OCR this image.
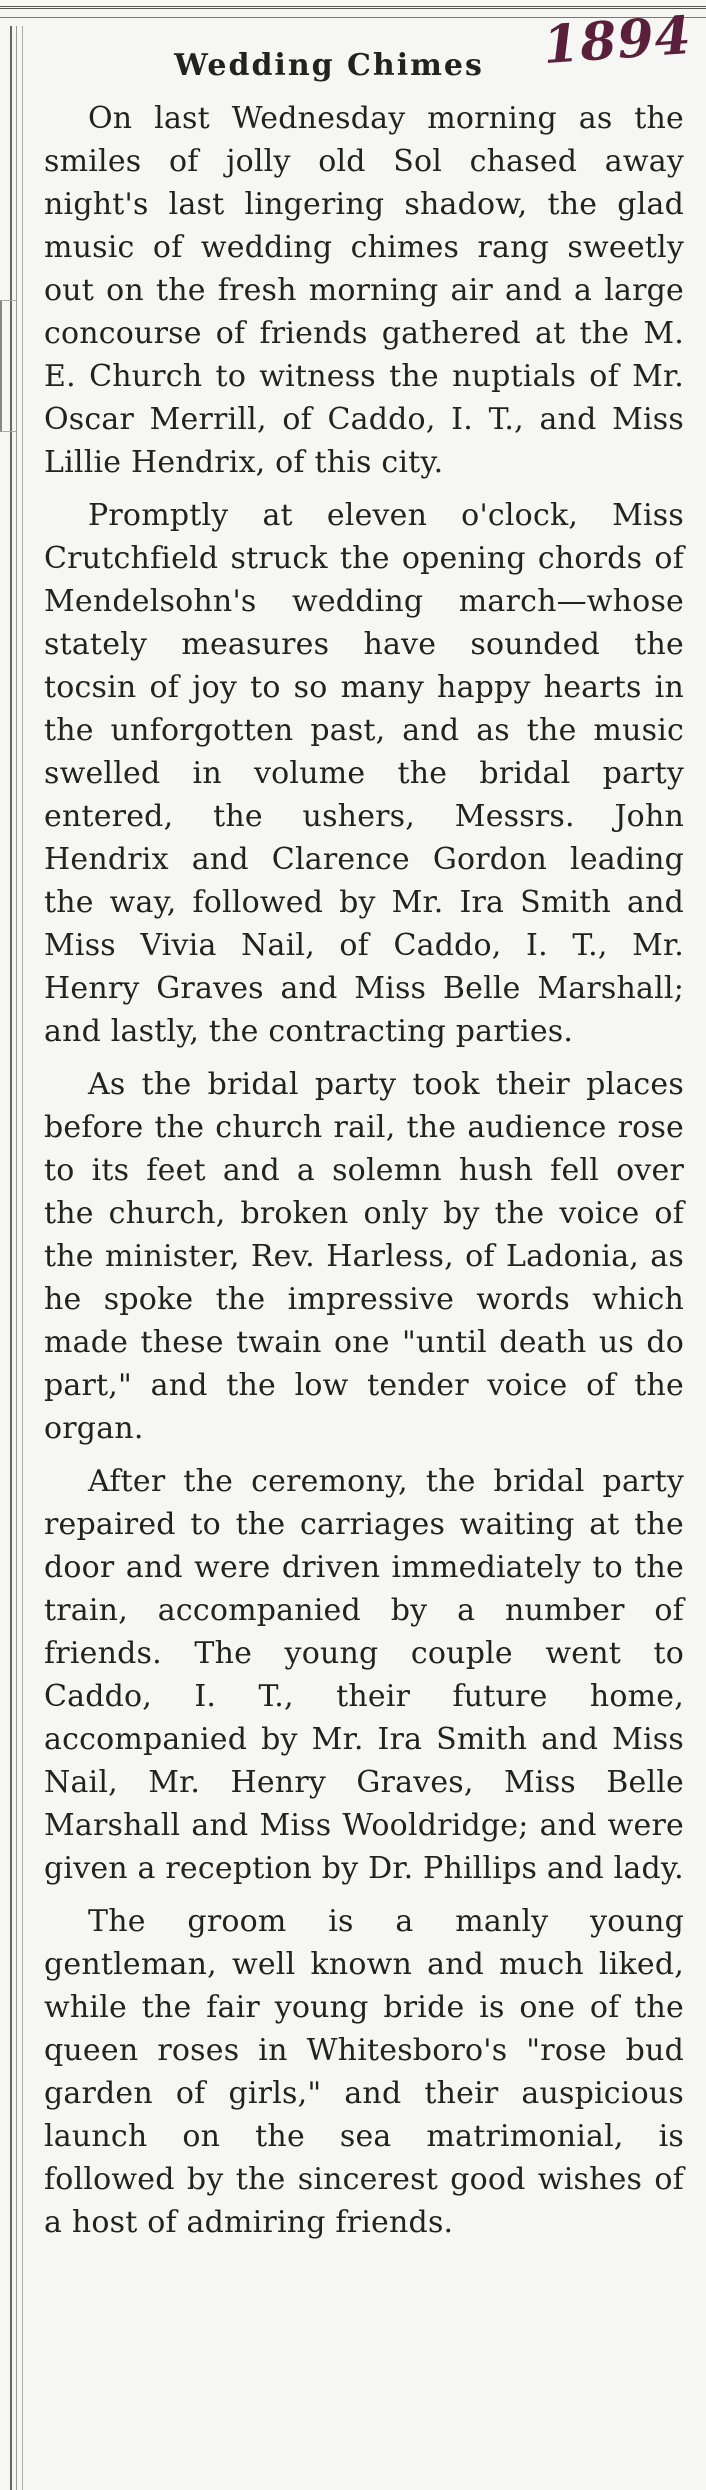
1894
Wedding Chimes

On last Wednesday morning as the smiles of jolly old Sol chased away night's last lingering shadow, the glad music of wedding chimes rang sweetly out on the fresh morning air and a large concourse of friends gathered at the M. E. Church to witness the nuptials of Mr. Oscar Merrill, of Caddo, I. T., and Miss Lillie Hendrix, of this city.

Promptly at eleven o'clock, Miss Crutchfield struck the opening chords of Mendelsohn's wedding march—whose stately measures have sounded the tocsin of joy to so many happy hearts in the unforgotten past, and as the music swelled in volume the bridal party entered, the ushers, Messrs. John Hendrix and Clarence Gordon leading the way, followed by Mr. Ira Smith and Miss Vivia Nail, of Caddo, I. T., Mr. Henry Graves and Miss Belle Marshall; and lastly, the contracting parties.

As the bridal party took their places before the church rail, the audience rose to its feet and a solemn hush fell over the church, broken only by the voice of the minister, Rev. Harless, of Ladonia, as he spoke the impressive words which made these twain one "until death us do part," and the low tender voice of the organ.

After the ceremony, the bridal party repaired to the carriages waiting at the door and were driven immediately to the train, accompanied by a number of friends. The young couple went to Caddo, I. T., their future home, accompanied by Mr. Ira Smith and Miss Nail, Mr. Henry Graves, Miss Belle Marshall and Miss Wooldridge; and were given a reception by Dr. Phillips and lady.

The groom is a manly young gentleman, well known and much liked, while the fair young bride is one of the queen roses in Whitesboro's "rose bud garden of girls," and their auspicious launch on the sea matrimonial, is followed by the sincerest good wishes of a host of admiring friends.
